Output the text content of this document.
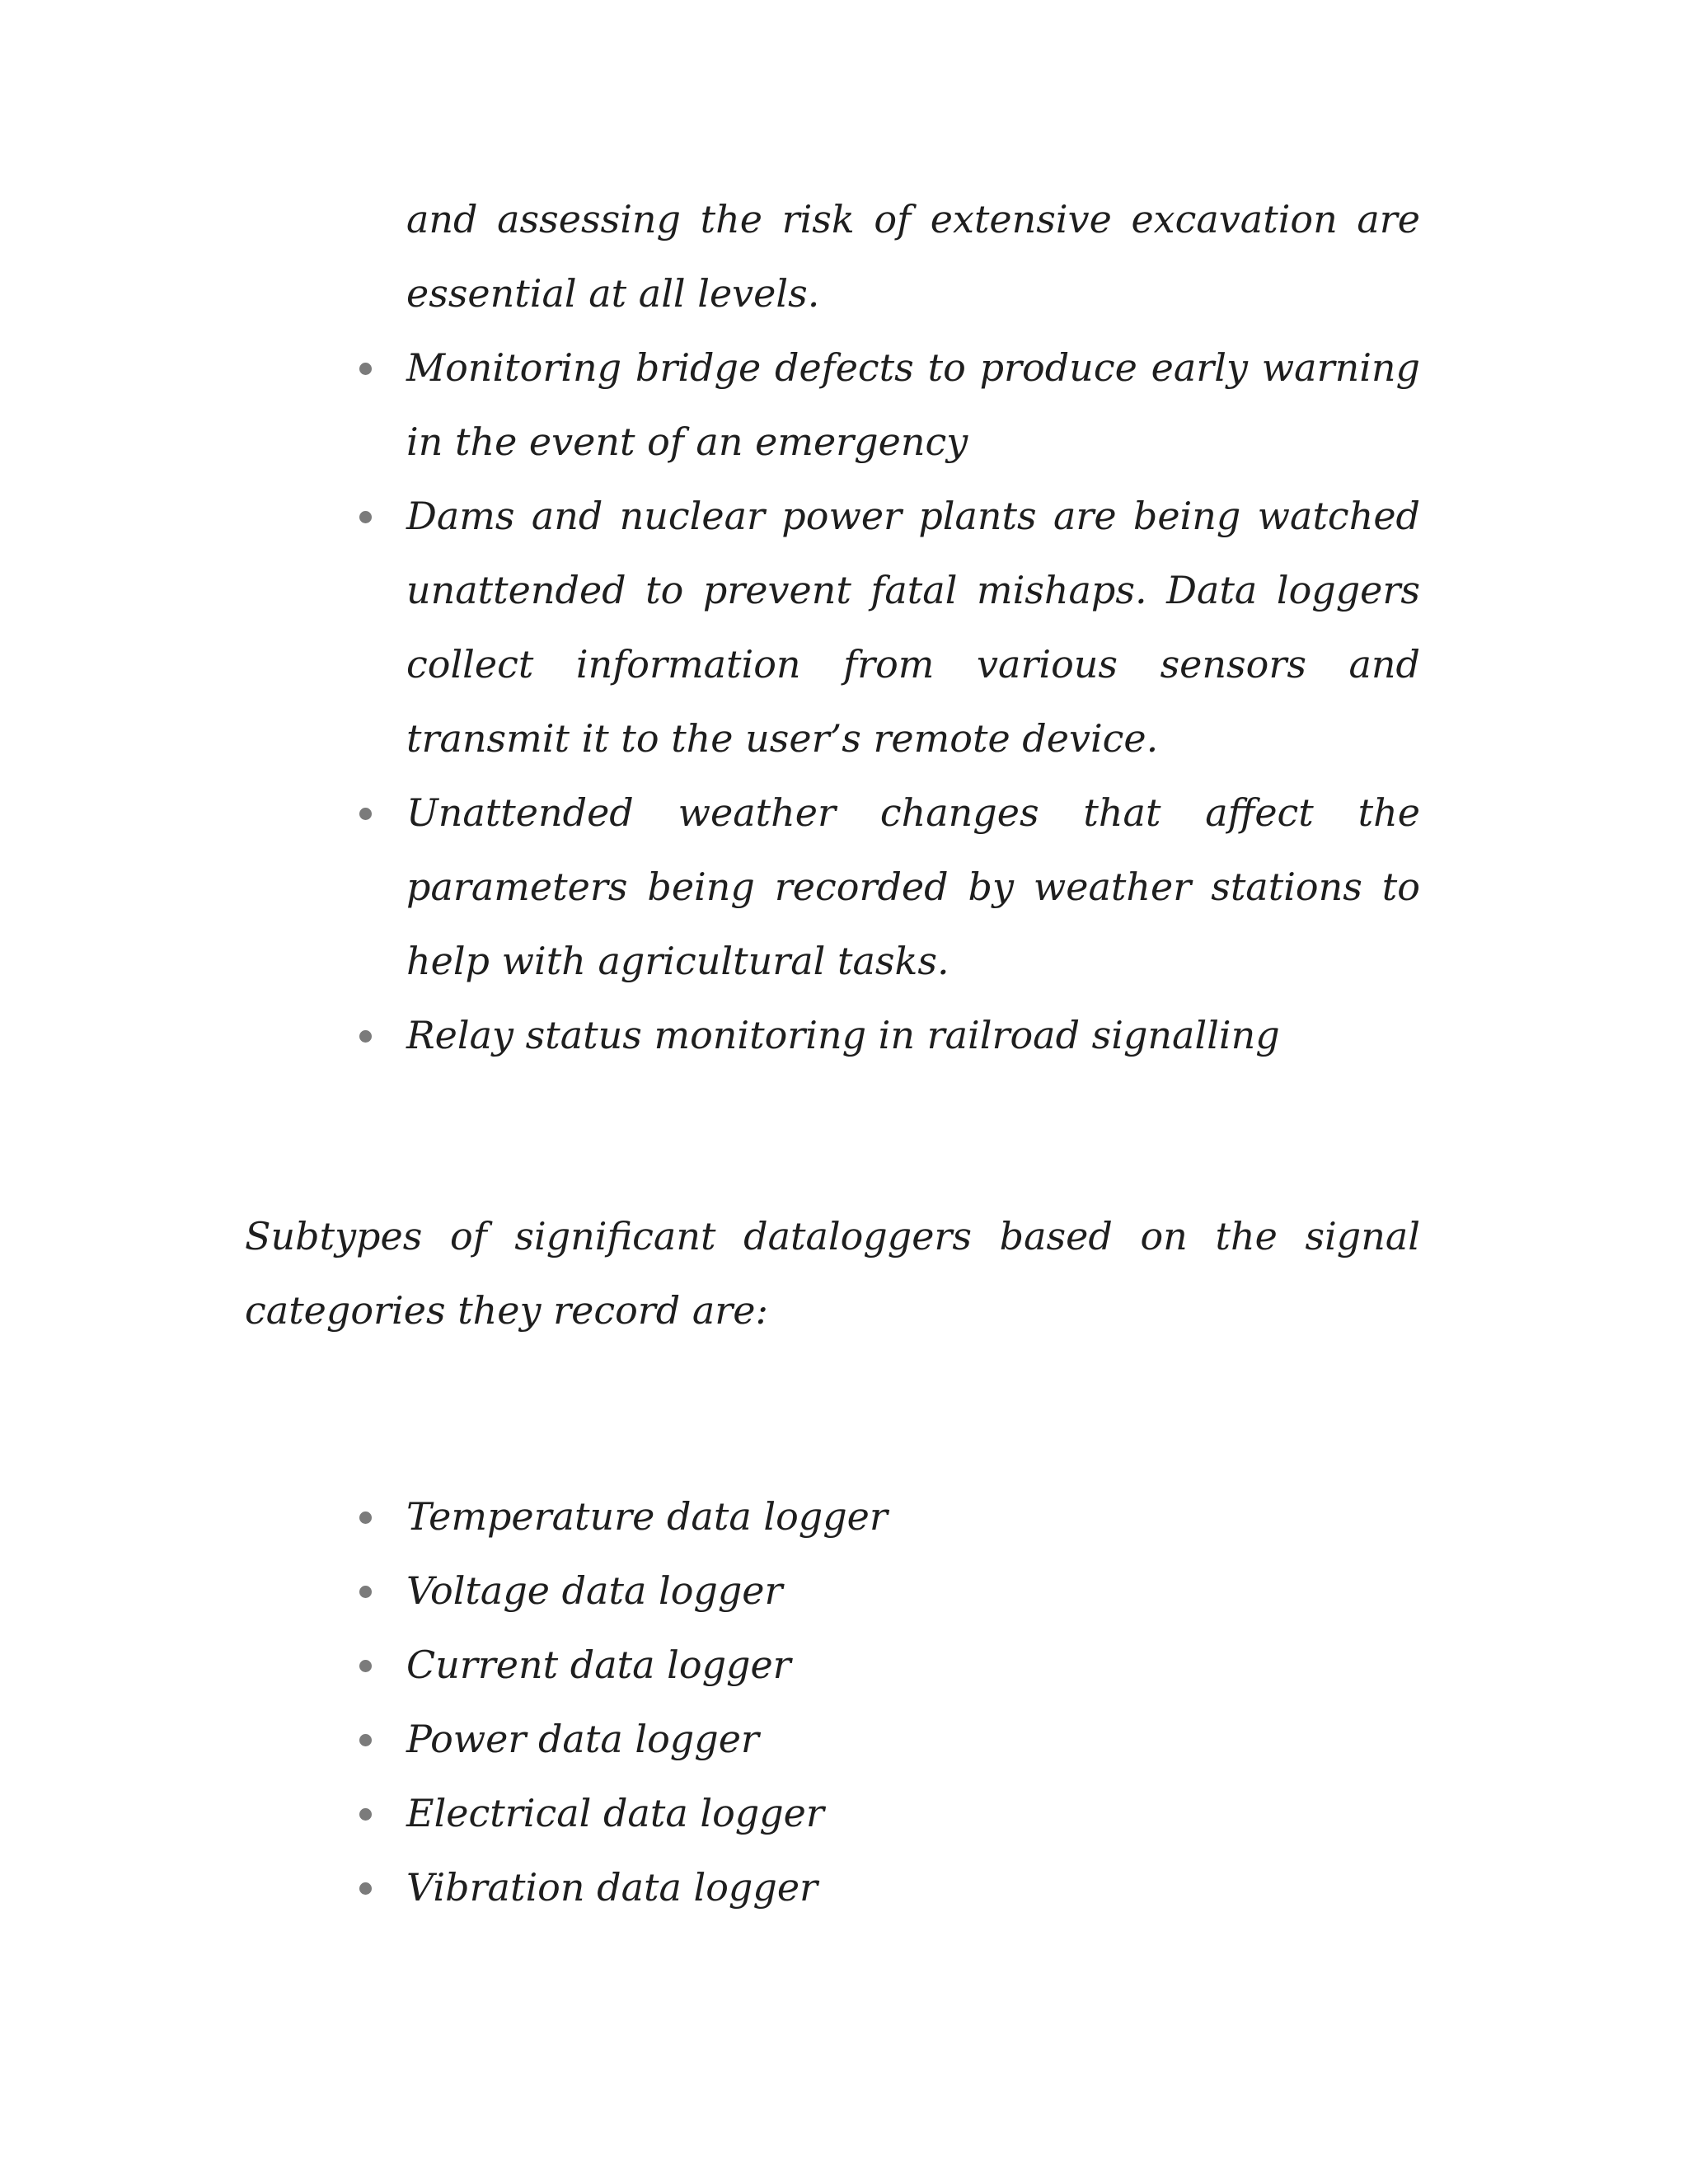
and assessing the risk of extensive excavation are essential at all levels.
Monitoring bridge defects to produce early warning in the event of an emergency
Dams and nuclear power plants are being watched unattended to prevent fatal mishaps. Data loggers collect information from various sensors and transmit it to the user’s remote device.
Unattended weather changes that affect the parameters being recorded by weather stations to help with agricultural tasks.
Relay status monitoring in railroad signalling

Subtypes of significant dataloggers based on the signal categories they record are:

Temperature data logger
Voltage data logger
Current data logger
Power data logger
Electrical data logger
Vibration data logger
